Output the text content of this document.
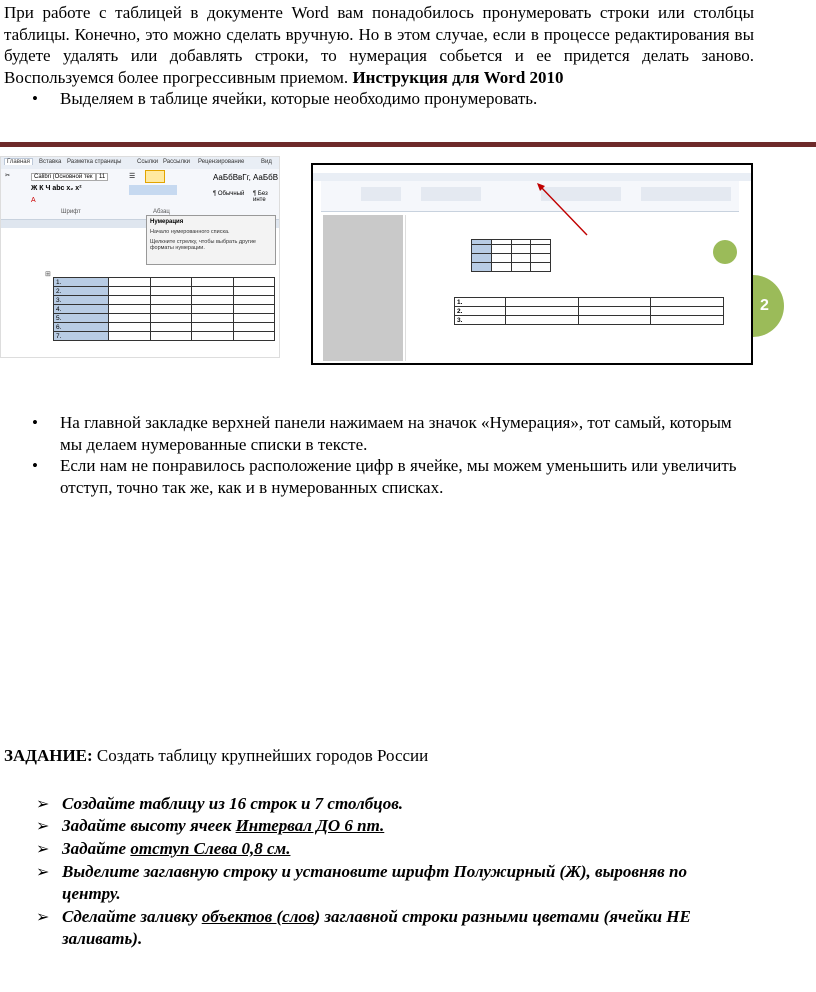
При работе с таблицей в документе Word вам понадобилось пронумеровать строки или столбцы таблицы. Конечно, это можно сделать вручную. Но в этом случае, если в процессе редактирования вы будете удалять или добавлять строки, то нумерация собьется и ее придется делать заново. Воспользуемся более прогрессивным приемом. Инструкция для Word 2010
• Выделяем в таблице ячейки, которые необходимо пронумеровать.
2
Главная	Вставка Разметка страницы	Ссылки Рассылки Рецензирование	Вид
✂	Calibri (Основной тек	11
Ж К Ч abc x₂ x²
A
☰	АаБбВвГг, АаБбВ
¶ Обычный ¶ Без инте
Шрифт	Абзац
Нумерация
Начало нумерованного списка.
Щелкните стрелку, чтобы выбрать другие
форматы нумерации.
⊞
1.				
2.				
3.				
4.				
5.				
6.				
7.				

1.			
2.			
3.			
• На главной закладке верхней панели нажимаем на значок «Нумерация», тот самый, которым мы делаем нумерованные списки в тексте.
• Если нам не понравилось расположение цифр в ячейке, мы можем уменьшить или увеличить отступ, точно так же, как и в нумерованных списках.
ЗАДАНИЕ: Создать таблицу крупнейших городов России
➢ Создайте таблицу из 16 строк и 7 столбцов.
➢ Задайте высоту ячеек Интервал ДО 6 пт.
➢ Задайте отступ Слева 0,8 см.
➢ Выделите заглавную строку и установите шрифт Полужирный (Ж), выровняв по центру.
➢ Сделайте заливку объектов (слов) заглавной строки разными цветами (ячейки НЕ заливать).
